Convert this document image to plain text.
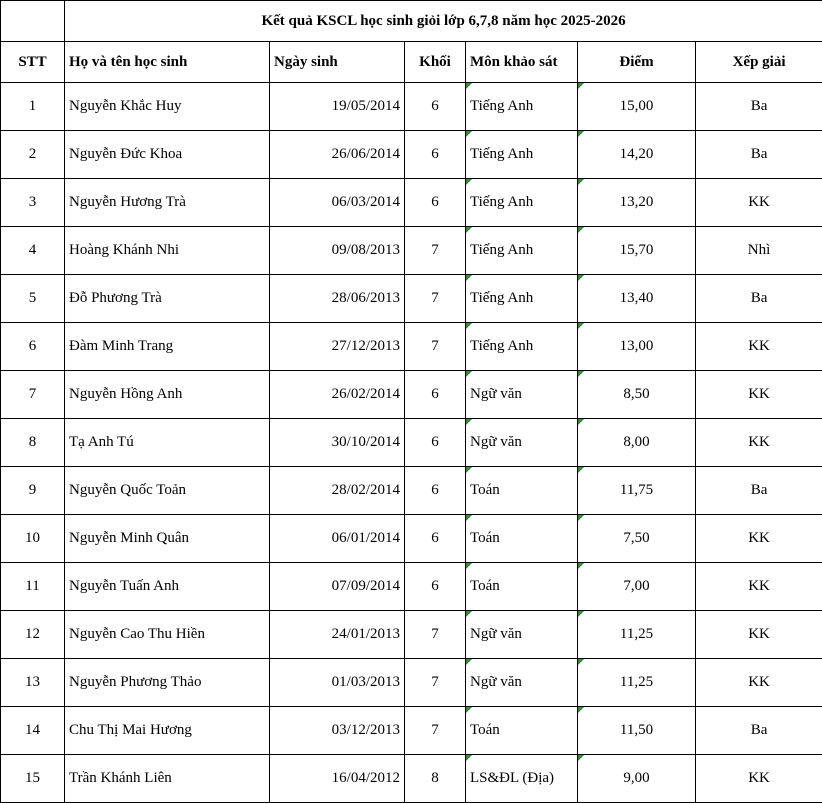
	Kết quả KSCL học sinh giỏi lớp 6,7,8 năm học 2025-2026					
STT	Họ và tên học sinh	Ngày sinh	Khối	Môn khảo sát	Điểm	Xếp giải
1	Nguyễn Khắc Huy	19/05/2014	6	Tiếng Anh	15,00	Ba
2	Nguyễn Đức Khoa	26/06/2014	6	Tiếng Anh	14,20	Ba
3	Nguyễn Hương Trà	06/03/2014	6	Tiếng Anh	13,20	KK
4	Hoàng Khánh Nhi	09/08/2013	7	Tiếng Anh	15,70	Nhì
5	Đỗ Phương Trà	28/06/2013	7	Tiếng Anh	13,40	Ba
6	Đàm Minh Trang	27/12/2013	7	Tiếng Anh	13,00	KK
7	Nguyễn Hồng Anh	26/02/2014	6	Ngữ văn	8,50	KK
8	Tạ Anh Tú	30/10/2014	6	Ngữ văn	8,00	KK
9	Nguyễn Quốc Toản	28/02/2014	6	Toán	11,75	Ba
10	Nguyễn Minh Quân	06/01/2014	6	Toán	7,50	KK
11	Nguyễn Tuấn Anh	07/09/2014	6	Toán	7,00	KK
12	Nguyễn Cao Thu Hiền	24/01/2013	7	Ngữ văn	11,25	KK
13	Nguyễn Phương Thảo	01/03/2013	7	Ngữ văn	11,25	KK
14	Chu Thị Mai Hương	03/12/2013	7	Toán	11,50	Ba
15	Trần Khánh Liên	16/04/2012	8	LS&ĐL (Địa)	9,00	KK
